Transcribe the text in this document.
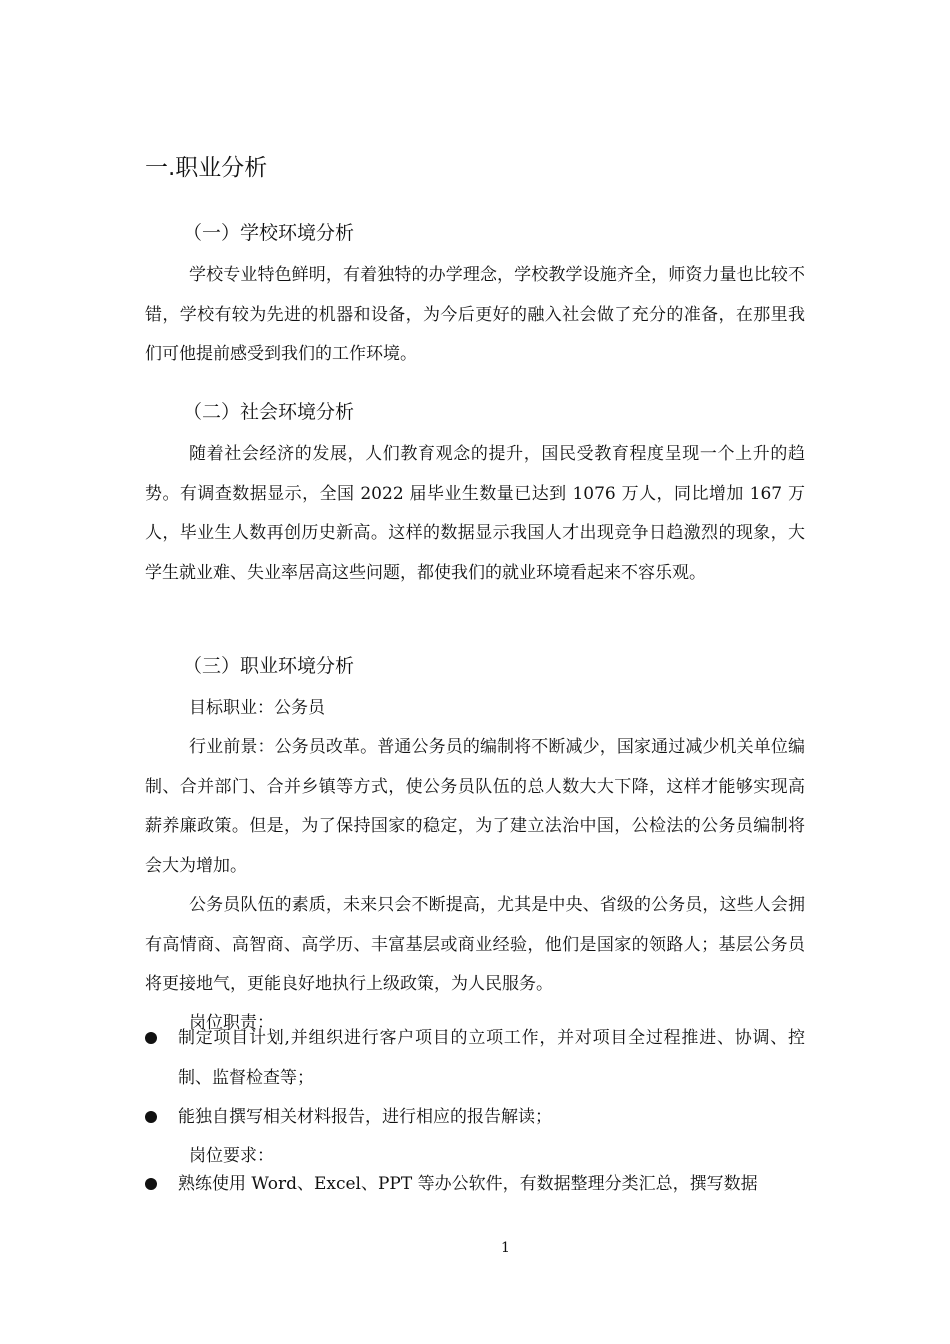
一.职业分析
（一）学校环境分析

学校专业特色鲜明，有着独特的办学理念，学校教学设施齐全，师资力量也比较不错，学校有较为先进的机器和设备，为今后更好的融入社会做了充分的准备，在那里我们可他提前感受到我们的工作环境。

（二）社会环境分析

随着社会经济的发展，人们教育观念的提升，国民受教育程度呈现一个上升的趋势。有调查数据显示，全国 2022 届毕业生数量已达到 1076 万人，同比增加 167 万人，毕业生人数再创历史新高。这样的数据显示我国人才出现竞争日趋激烈的现象，大学生就业难、失业率居高这些问题，都使我们的就业环境看起来不容乐观。

（三）职业环境分析
目标职业：公务员

行业前景：公务员改革。普通公务员的编制将不断减少，国家通过减少机关单位编制、合并部门、合并乡镇等方式，使公务员队伍的总人数大大下降，这样才能够实现高薪养廉政策。但是，为了保持国家的稳定，为了建立法治中国，公检法的公务员编制将会大为增加。

公务员队伍的素质，未来只会不断提高，尤其是中央、省级的公务员，这些人会拥有高情商、高智商、高学历、丰富基层或商业经验，他们是国家的领路人；基层公务员将更接地气，更能良好地执行上级政策，为人民服务。

岗位职责：
制定项目计划,并组织进行客户项目的立项工作，并对项目全过程推进、协调、控制、监督检查等；
能独自撰写相关材料报告，进行相应的报告解读；
岗位要求：
熟练使用 Word、Excel、PPT 等办公软件，有数据整理分类汇总，撰写数据
1
